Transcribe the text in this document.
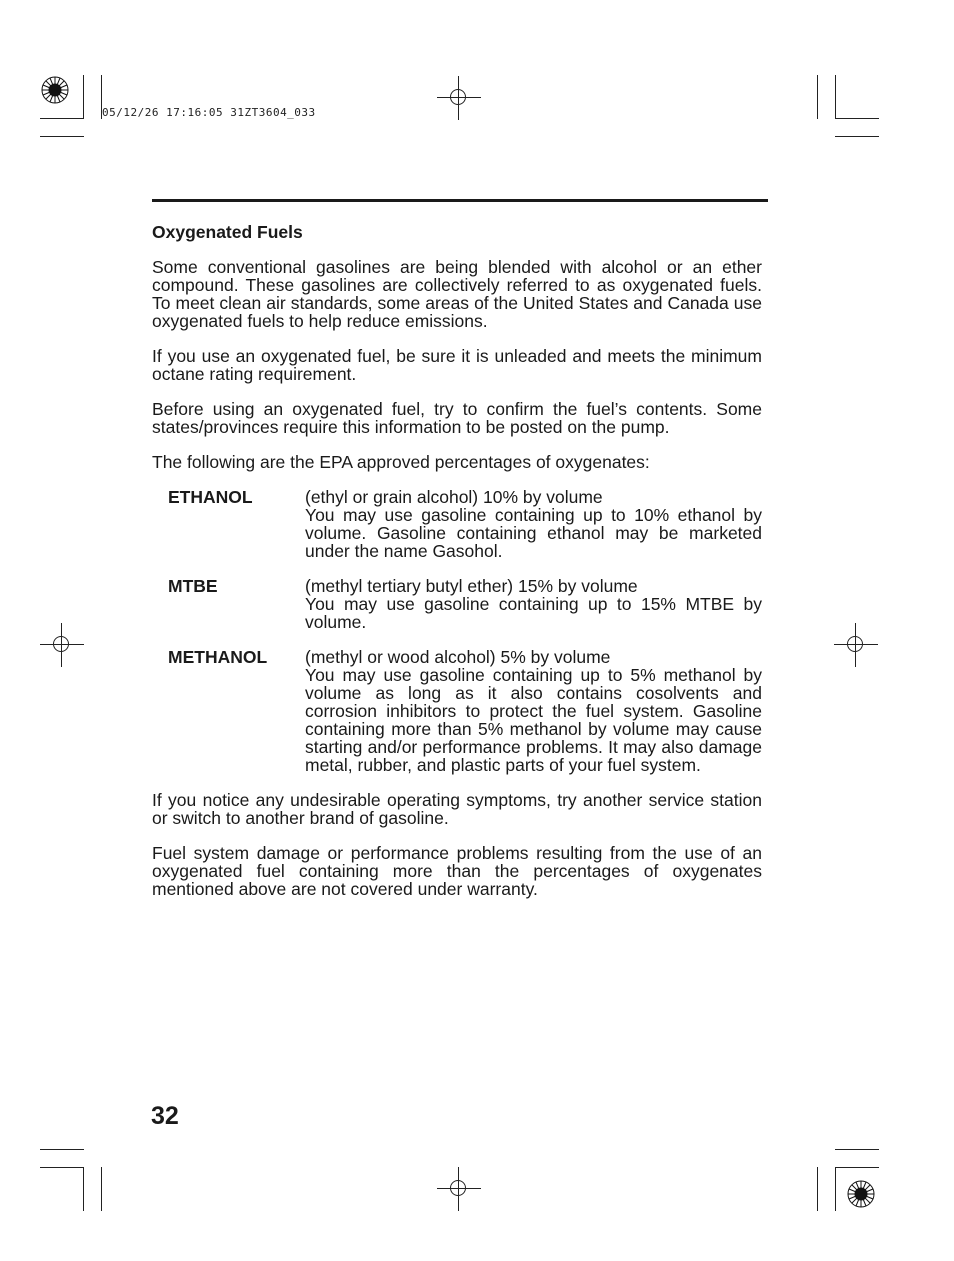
05/12/26 17:16:05 31ZT3604_033
Oxygenated Fuels

Some conventional gasolines are being blended with alcohol or an ether compound. These gasolines are collectively referred to as oxygenated fuels. To meet clean air standards, some areas of the United States and Canada use oxygenated fuels to help reduce emissions.

If you use an oxygenated fuel, be sure it is unleaded and meets the minimum octane rating requirement.

Before using an oxygenated fuel, try to confirm the fuel’s contents. Some states/provinces require this information to be posted on the pump.

The following are the EPA approved percentages of oxygenates:

ETHANOL	(ethyl or grain alcohol) 10% by volume
You may use gasoline containing up to 10% ethanol by volume. Gasoline containing ethanol may be marketed under the name Gasohol.
MTBE	(methyl tertiary butyl ether) 15% by volume
You may use gasoline containing up to 15% MTBE by volume.
METHANOL (methyl or wood alcohol) 5% by volume
You may use gasoline containing up to 5% methanol by volume as long as it also contains cosolvents and corrosion inhibitors to protect the fuel system. Gasoline containing more than 5% methanol by volume may cause starting and/or performance problems. It may also damage metal, rubber, and plastic parts of your fuel system.

If you notice any undesirable operating symptoms, try another service station or switch to another brand of gasoline.

Fuel system damage or performance problems resulting from the use of an oxygenated fuel containing more than the percentages of oxygenates mentioned above are not covered under warranty.

32
